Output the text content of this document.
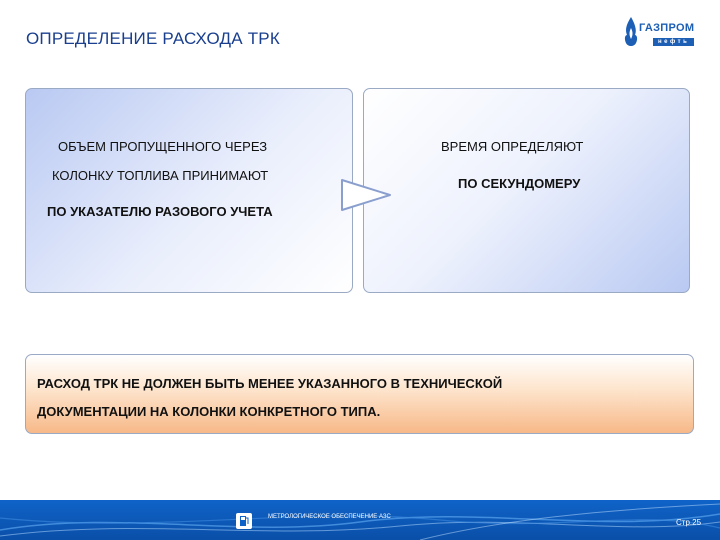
ОПРЕДЕЛЕНИЕ РАСХОДА ТРК
ГАЗПРОМ
нефть
ОБЪЕМ ПРОПУЩЕННОГО ЧЕРЕЗ
КОЛОНКУ ТОПЛИВА ПРИНИМАЮТ
ПО УКАЗАТЕЛЮ РАЗОВОГО УЧЕТА
ВРЕМЯ ОПРЕДЕЛЯЮТ
ПО СЕКУНДОМЕРУ
РАСХОД ТРК НЕ ДОЛЖЕН БЫТЬ МЕНЕЕ УКАЗАННОГО В ТЕХНИЧЕСКОЙ
ДОКУМЕНТАЦИИ НА КОЛОНКИ КОНКРЕТНОГО ТИПА.
МЕТРОЛОГИЧЕСКОЕ ОБЕСПЕЧЕНИЕ АЗС
Стр.25
